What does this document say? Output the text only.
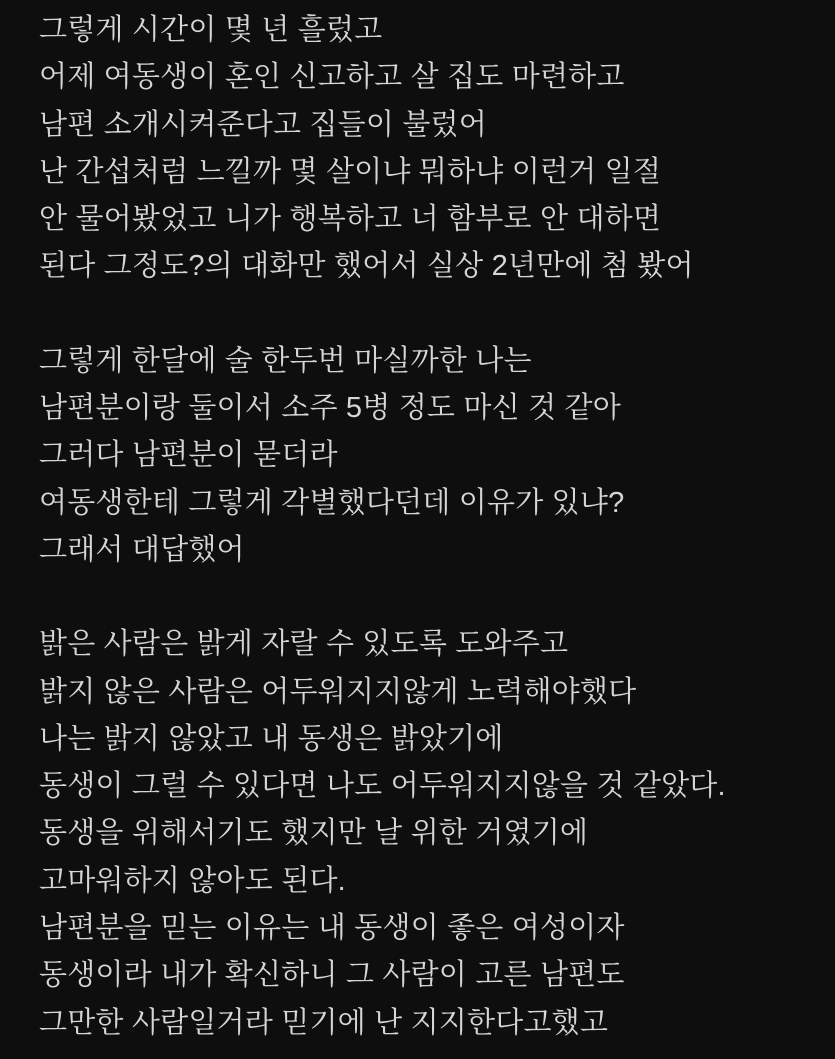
그렇게 시간이 몇 년 흘렀고

어제 여동생이 혼인 신고하고 살 집도 마련하고

남편 소개시켜준다고 집들이 불렀어

난 간섭처럼 느낄까 몇 살이냐 뭐하냐 이런거 일절

안 물어봤었고 니가 행복하고 너 함부로 안 대하면

된다 그정도?의 대화만 했어서 실상 2년만에 첨 봤어

그렇게 한달에 술 한두번 마실까한 나는

남편분이랑 둘이서 소주 5병 정도 마신 것 같아

그러다 남편분이 묻더라

여동생한테 그렇게 각별했다던데 이유가 있냐?

그래서 대답했어

밝은 사람은 밝게 자랄 수 있도록 도와주고

밝지 않은 사람은 어두워지지않게 노력해야했다

나는 밝지 않았고 내 동생은 밝았기에

동생이 그럴 수 있다면 나도 어두워지지않을 것 같았다.

동생을 위해서기도 했지만 날 위한 거였기에

고마워하지 않아도 된다.

남편분을 믿는 이유는 내 동생이 좋은 여성이자

동생이라 내가 확신하니 그 사람이 고른 남편도

그만한 사람일거라 믿기에 난 지지한다고했고
